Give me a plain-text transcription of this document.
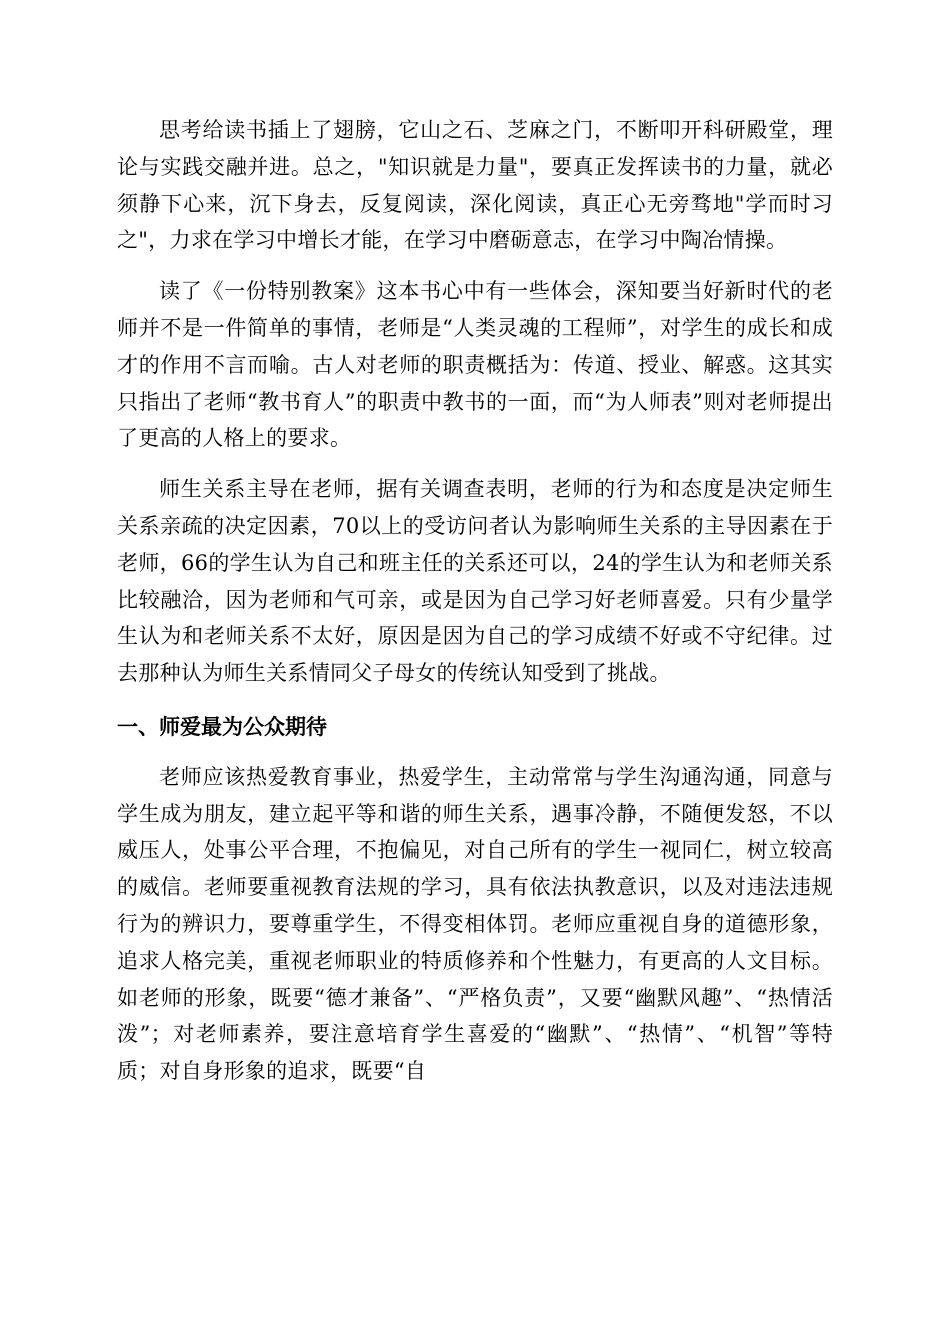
思考给读书插上了翅膀，它山之石、芝麻之门，不断叩开科研殿堂，理论与实践交融并进。总之，"知识就是力量"，要真正发挥读书的力量，就必须静下心来，沉下身去，反复阅读，深化阅读，真正心无旁骛地"学而时习之"，力求在学习中增长才能，在学习中磨砺意志，在学习中陶冶情操。

读了《一份特别教案》这本书心中有一些体会，深知要当好新时代的老师并不是一件简单的事情，老师是“人类灵魂的工程师”，对学生的成长和成才的作用不言而喻。古人对老师的职责概括为：传道、授业、解惑。这其实只指出了老师“教书育人”的职责中教书的一面，而“为人师表”则对老师提出了更高的人格上的要求。

师生关系主导在老师，据有关调查表明，老师的行为和态度是决定师生关系亲疏的决定因素，70以上的受访问者认为影响师生关系的主导因素在于老师，66的学生认为自己和班主任的关系还可以，24的学生认为和老师关系比较融洽，因为老师和气可亲，或是因为自己学习好老师喜爱。只有少量学生认为和老师关系不太好，原因是因为自己的学习成绩不好或不守纪律。过去那种认为师生关系情同父子母女的传统认知受到了挑战。

一、师爱最为公众期待

老师应该热爱教育事业，热爱学生，主动常常与学生沟通沟通，同意与学生成为朋友，建立起平等和谐的师生关系，遇事冷静，不随便发怒，不以威压人，处事公平合理，不抱偏见，对自己所有的学生一视同仁，树立较高的威信。老师要重视教育法规的学习，具有依法执教意识，以及对违法违规行为的辨识力，要尊重学生，不得变相体罚。老师应重视自身的道德形象，追求人格完美，重视老师职业的特质修养和个性魅力，有更高的人文目标。如老师的形象，既要“德才兼备”、“严格负责”，又要“幽默风趣”、“热情活泼”；对老师素养，要注意培育学生喜爱的“幽默”、“热情”、“机智”等特质；对自身形象的追求，既要“自
